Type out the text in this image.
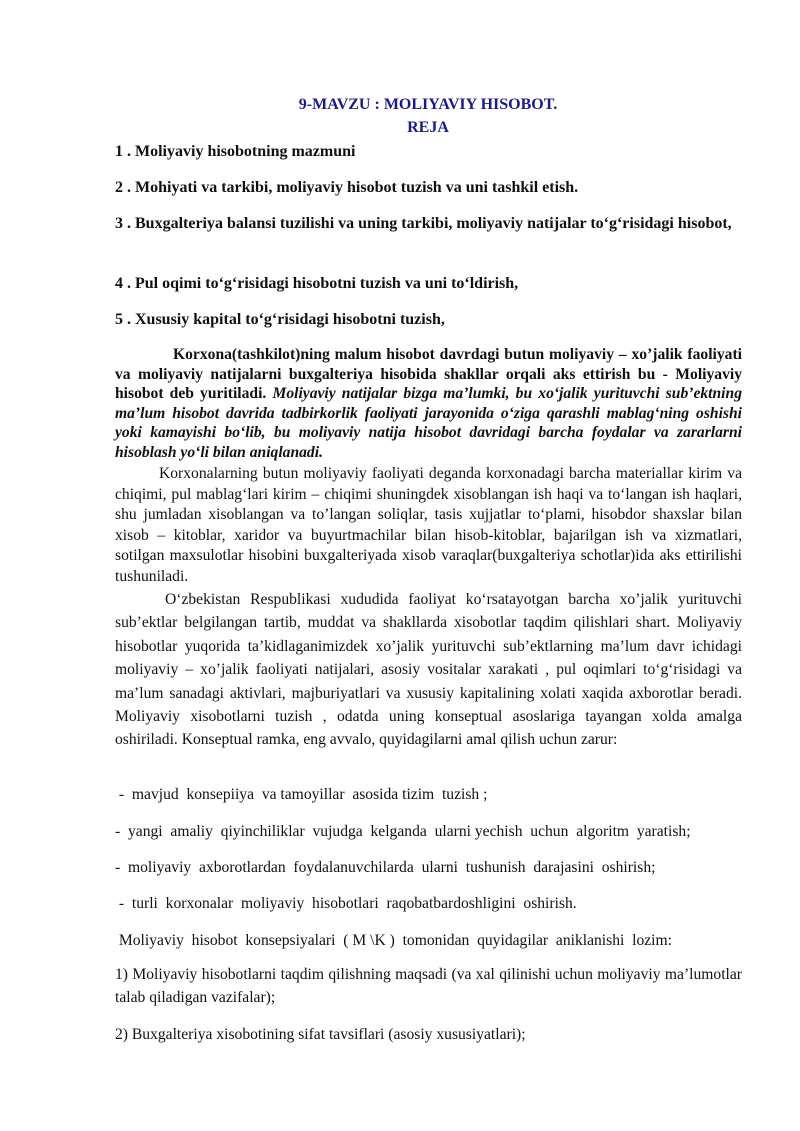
9-MAVZU : MOLIYAVIY HISOBOT.
REJA
1 . Moliyaviy hisobotning mazmuni
2 . Mohiyati va tarkibi, moliyaviy hisobot tuzish va uni tashkil etish.
3 . Buxgalteriya balansi tuzilishi va uning tarkibi, moliyaviy natijalar to‘g‘risidagi hisobot,
4 . Pul oqimi to‘g‘risidagi hisobotni tuzish va uni to‘ldirish,
5 . Xususiy kapital to‘g‘risidagi hisobotni tuzish,
Korxona(tashkilot)ning malum hisobot davrdagi butun moliyaviy – xo’jalik faoliyati va moliyaviy natijalarni buxgalteriya hisobida shakllar orqali aks ettirish bu - Moliyaviy hisobot deb yuritiladi. Moliyaviy natijalar bizga ma’lumki, bu xo‘jalik yurituvchi sub’ektning ma’lum hisobot davrida tadbirkorlik faoliyati jarayonida o‘ziga qarashli mablag‘ning oshishi yoki kamayishi bo‘lib, bu moliyaviy natija hisobot davridagi barcha foydalar va zararlarni hisoblash yo‘li bilan aniqlanadi.
Korxonalarning butun moliyaviy faoliyati deganda korxonadagi barcha materiallar kirim va chiqimi, pul mablag‘lari kirim – chiqimi shuningdek xisoblangan ish haqi va to‘langan ish haqlari, shu jumladan xisoblangan va to’langan soliqlar, tasis xujjatlar to‘plami, hisobdor shaxslar bilan xisob – kitoblar, xaridor va buyurtmachilar bilan hisob-kitoblar, bajarilgan ish va xizmatlari, sotilgan maxsulotlar hisobini buxgalteriyada xisob varaqlar(buxgalteriya schotlar)ida aks ettirilishi tushuniladi.
O‘zbekistan Respublikasi xududida faoliyat ko‘rsatayotgan barcha xo’jalik yurituvchi sub’ektlar belgilangan tartib, muddat va shakllarda xisobotlar taqdim qilishlari shart. Moliyaviy hisobotlar yuqorida ta’kidlaganimizdek xo’jalik yurituvchi sub’ektlarning ma’lum davr ichidagi moliyaviy – xo’jalik faoliyati natijalari, asosiy vositalar xarakati , pul oqimlari to‘g‘risidagi va ma’lum sanadagi aktivlari, majburiyatlari va xususiy kapitalining xolati xaqida axborotlar beradi. Moliyaviy xisobotlarni tuzish , odatda uning konseptual asoslariga tayangan xolda amalga oshiriladi. Konseptual ramka, eng avvalo, quyidagilarni amal qilish uchun zarur:
-  mavjud  konsepiiya  va tamoyillar  asosida tizim  tuzish ;
-  yangi  amaliy  qiyinchiliklar  vujudga  kelganda  ularni yechish  uchun  algoritm  yaratish;
-  moliyaviy  axborotlardan  foydalanuvchilarda  ularni  tushunish  darajasini  oshirish;
-  turli  korxonalar  moliyaviy  hisobotlari  raqobatbardoshligini  oshirish.
Moliyaviy  hisobot  konsepsiyalari  ( M \K )  tomonidan  quyidagilar  aniklanishi  lozim:
1) Moliyaviy hisobotlarni taqdim qilishning maqsadi (va xal qilinishi uchun moliyaviy ma’lumotlar talab qiladigan vazifalar);
2) Buxgalteriya xisobotining sifat tavsiflari (asosiy xususiyatlari);
